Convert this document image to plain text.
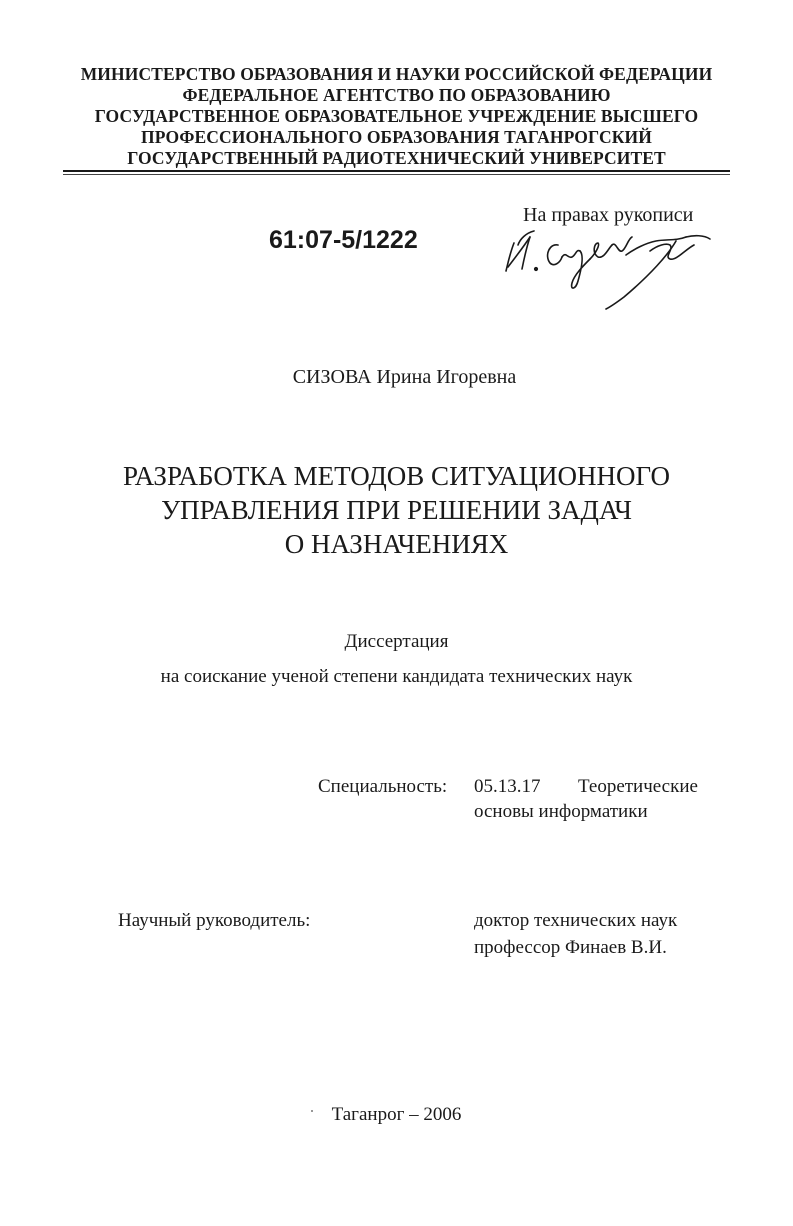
МИНИСТЕРСТВО ОБРАЗОВАНИЯ И НАУКИ РОССИЙСКОЙ ФЕДЕРАЦИИ
ФЕДЕРАЛЬНОЕ АГЕНТСТВО ПО ОБРАЗОВАНИЮ
ГОСУДАРСТВЕННОЕ ОБРАЗОВАТЕЛЬНОЕ УЧРЕЖДЕНИЕ ВЫСШЕГО
ПРОФЕССИОНАЛЬНОГО ОБРАЗОВАНИЯ ТАГАНРОГСКИЙ
ГОСУДАРСТВЕННЫЙ РАДИОТЕХНИЧЕСКИЙ УНИВЕРСИТЕТ
61:07-5/1222
На правах рукописи
СИЗОВА Ирина Игоревна
РАЗРАБОТКА МЕТОДОВ СИТУАЦИОННОГО
УПРАВЛЕНИЯ ПРИ РЕШЕНИИ ЗАДАЧ
О НАЗНАЧЕНИЯХ
Диссертация
на соискание ученой степени кандидата технических наук
Специальность: 05.13.17 Теоретические
основы информатики
Научный руководитель:	доктор технических наук
профессор Финаев В.И.
Таганрог – 2006
